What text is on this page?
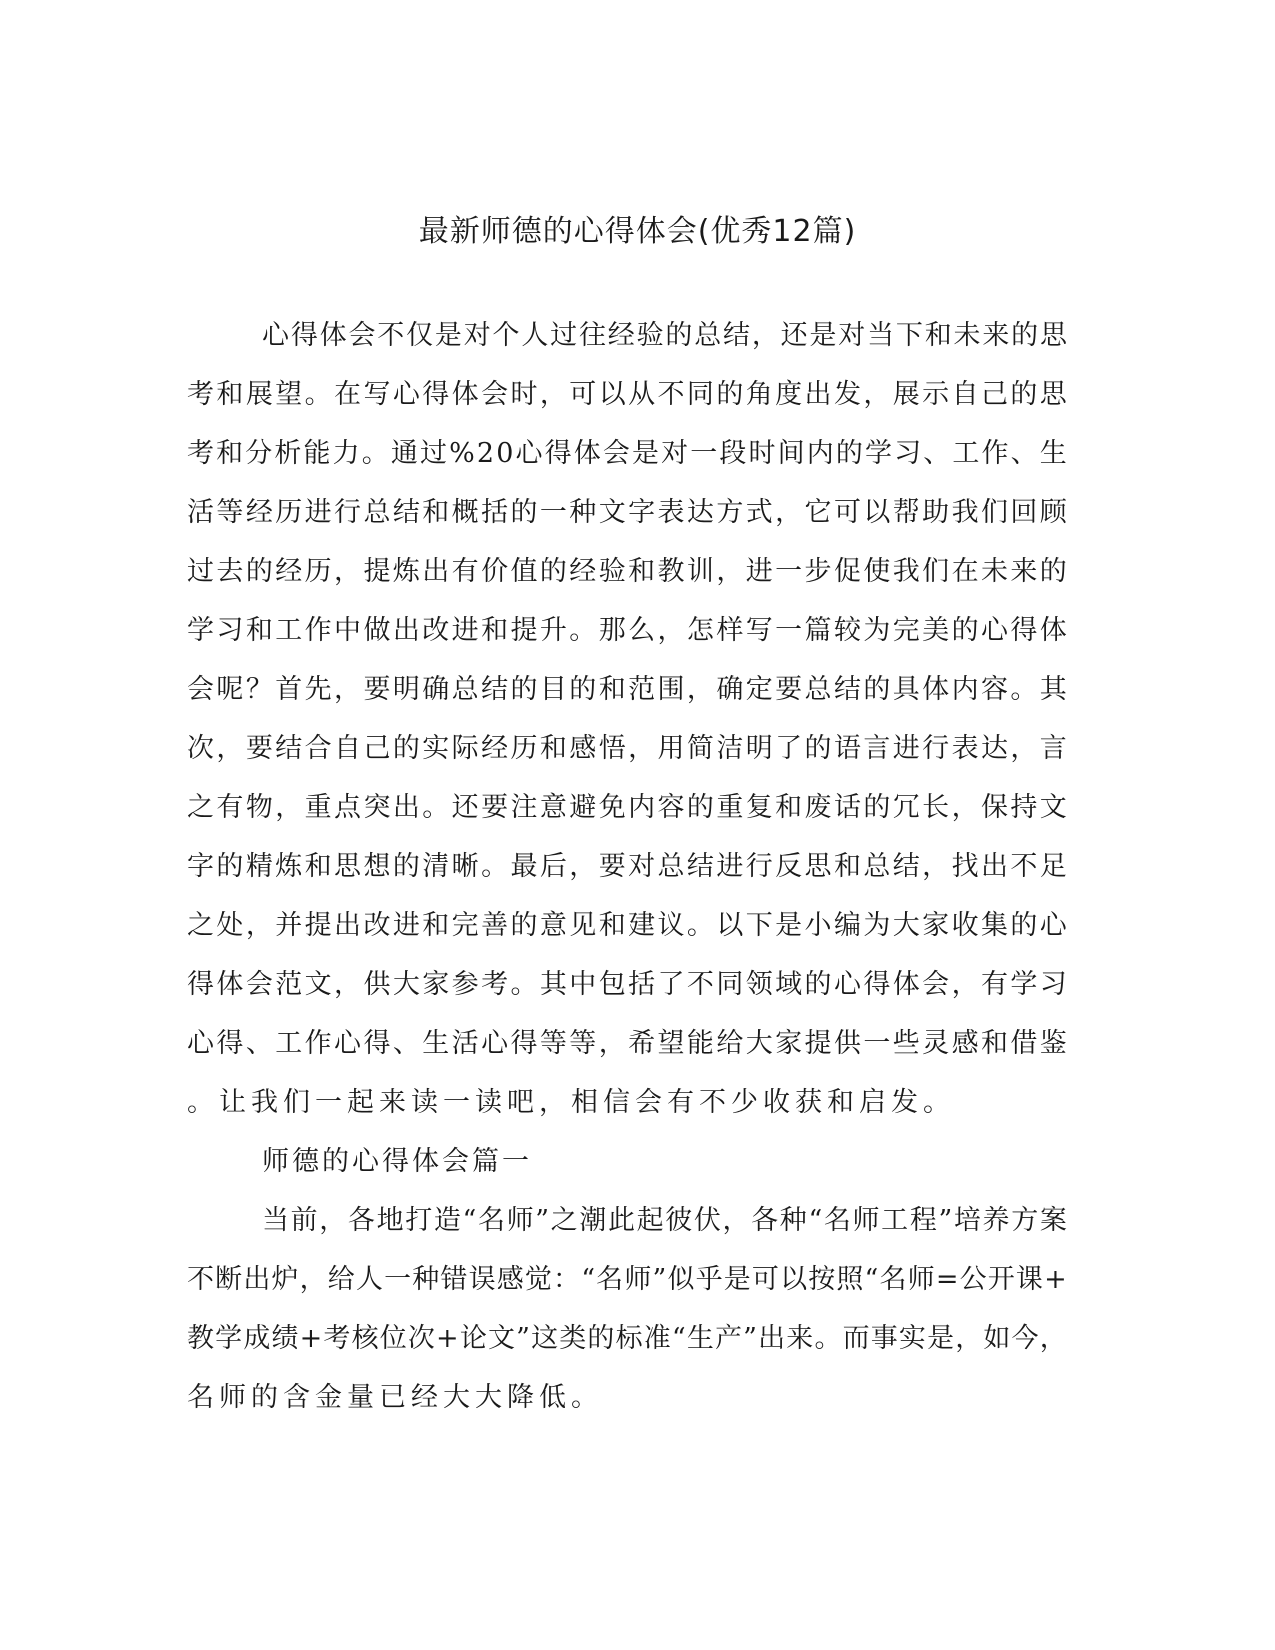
最新师德的心得体会(优秀12篇)
心 得 体 会 不 仅 是 对 个 人 过 往 经 验 的 总 结 ， 还 是 对 当 下 和 未 来 的 思
考 和 展 望 。 在 写 心 得 体 会 时 ， 可 以 从 不 同 的 角 度 出 发 ， 展 示 自 己 的 思
考 和 分 析 能 力 。 通 过 % 2 0 心 得 体 会 是 对 一 段 时 间 内 的 学 习 、 工 作 、 生
活 等 经 历 进 行 总 结 和 概 括 的 一 种 文 字 表 达 方 式 ， 它 可 以 帮 助 我 们 回 顾
过 去 的 经 历 ， 提 炼 出 有 价 值 的 经 验 和 教 训 ， 进 一 步 促 使 我 们 在 未 来 的
学 习 和 工 作 中 做 出 改 进 和 提 升 。 那 么 ， 怎 样 写 一 篇 较 为 完 美 的 心 得 体
会 呢 ？ 首 先 ， 要 明 确 总 结 的 目 的 和 范 围 ， 确 定 要 总 结 的 具 体 内 容 。 其
次 ， 要 结 合 自 己 的 实 际 经 历 和 感 悟 ， 用 简 洁 明 了 的 语 言 进 行 表 达 ， 言
之 有 物 ， 重 点 突 出 。 还 要 注 意 避 免 内 容 的 重 复 和 废 话 的 冗 长 ， 保 持 文
字 的 精 炼 和 思 想 的 清 晰 。 最 后 ， 要 对 总 结 进 行 反 思 和 总 结 ， 找 出 不 足
之 处 ， 并 提 出 改 进 和 完 善 的 意 见 和 建 议 。 以 下 是 小 编 为 大 家 收 集 的 心
得 体 会 范 文 ， 供 大 家 参 考 。 其 中 包 括 了 不 同 领 域 的 心 得 体 会 ， 有 学 习
心 得 、 工 作 心 得 、 生 活 心 得 等 等 ， 希 望 能 给 大 家 提 供 一 些 灵 感 和 借 鉴
。让我们一起来读一读吧，相信会有不少收获和启发。
师德的心得体会篇一
当 前 ， 各 地 打 造 “ 名 师 ” 之 潮 此 起 彼 伏 ， 各 种 “ 名 师 工 程 ” 培 养 方 案
不 断 出 炉 ， 给 人 一 种 错 误 感 觉 ： “ 名 师 ” 似 乎 是 可 以 按 照 “ 名 师 = 公 开 课 +
教 学 成 绩 + 考 核 位 次 + 论 文 ” 这 类 的 标 准 “ 生 产 ” 出 来 。 而 事 实 是 ， 如 今 ，
名师的含金量已经大大降低。
